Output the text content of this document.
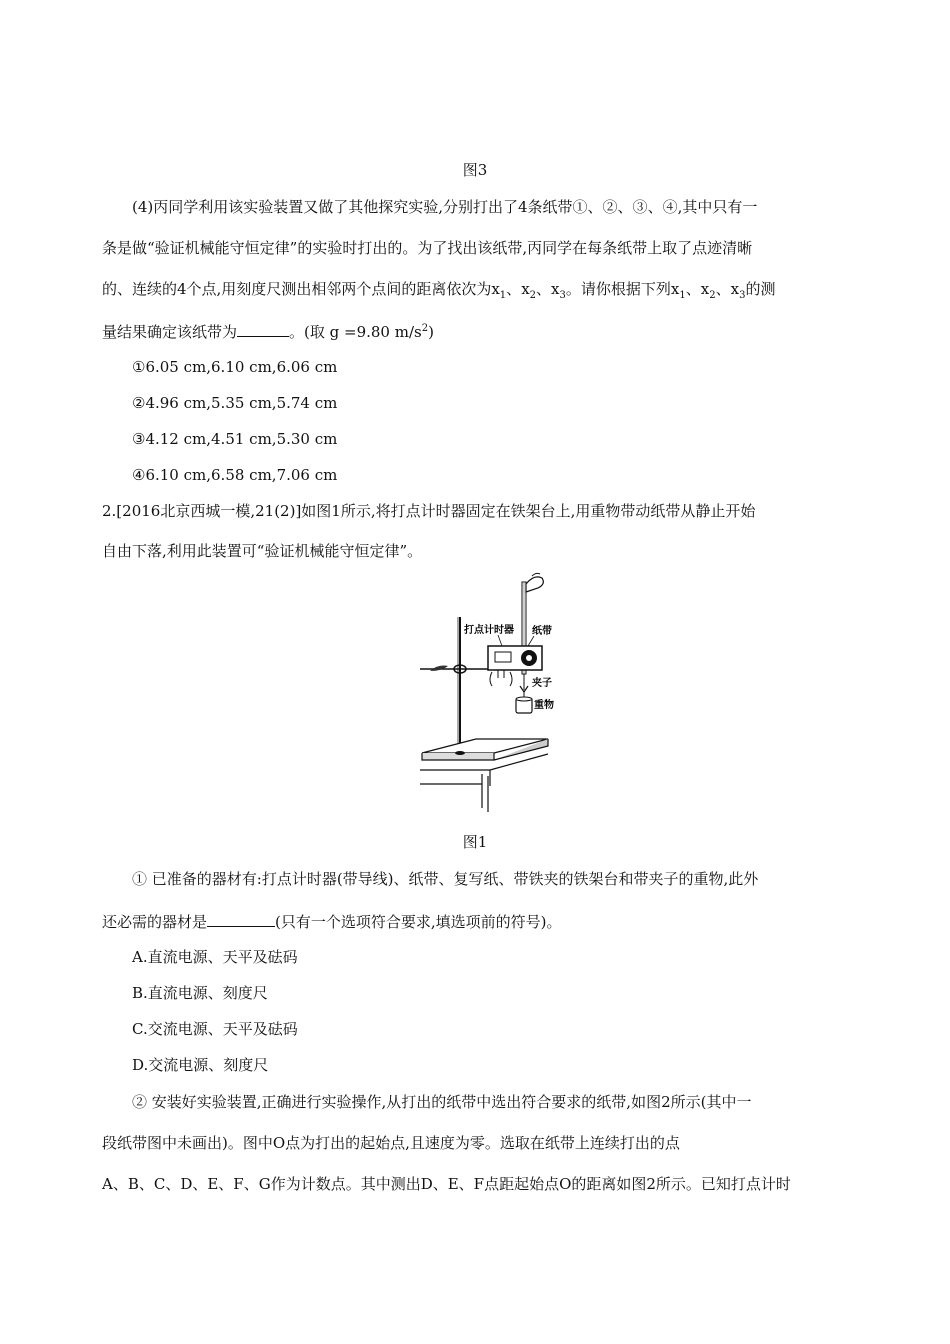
图3
(4)丙同学利用该实验装置又做了其他探究实验,分别打出了4条纸带①、②、③、④,其中只有一
条是做“验证机械能守恒定律”的实验时打出的。为了找出该纸带,丙同学在每条纸带上取了点迹清晰
的、连续的4个点,用刻度尺测出相邻两个点间的距离依次为$x_1$、$x_2$、$x_3$。请你根据下列$x_1$、$x_2$、$x_3$的测
量结果确定该纸带为	。(取 g =9.80 $m/s^2$)
①6.05 cm,6.10 cm,6.06 cm
②4.96 cm,5.35 cm,5.74 cm
③4.12 cm,4.51 cm,5.30 cm
④6.10 cm,6.58 cm,7.06 cm
2.[2016北京西城一模,21(2)]如图1所示,将打点计时器固定在铁架台上,用重物带动纸带从静止开始
自由下落,利用此装置可“验证机械能守恒定律”。
打点计时器 纸带
夹子
重物
图1
① 已准备的器材有:打点计时器(带导线)、纸带、复写纸、带铁夹的铁架台和带夹子的重物,此外
还必需的器材是	(只有一个选项符合要求,填选项前的符号)。
A.直流电源、天平及砝码
B.直流电源、刻度尺
C.交流电源、天平及砝码
D.交流电源、刻度尺
② 安装好实验装置,正确进行实验操作,从打出的纸带中选出符合要求的纸带,如图2所示(其中一
段纸带图中未画出)。图中O点为打出的起始点,且速度为零。选取在纸带上连续打出的点
A、B、C、D、E、F、G作为计数点。其中测出D、E、F点距起始点O的距离如图2所示。已知打点计时
